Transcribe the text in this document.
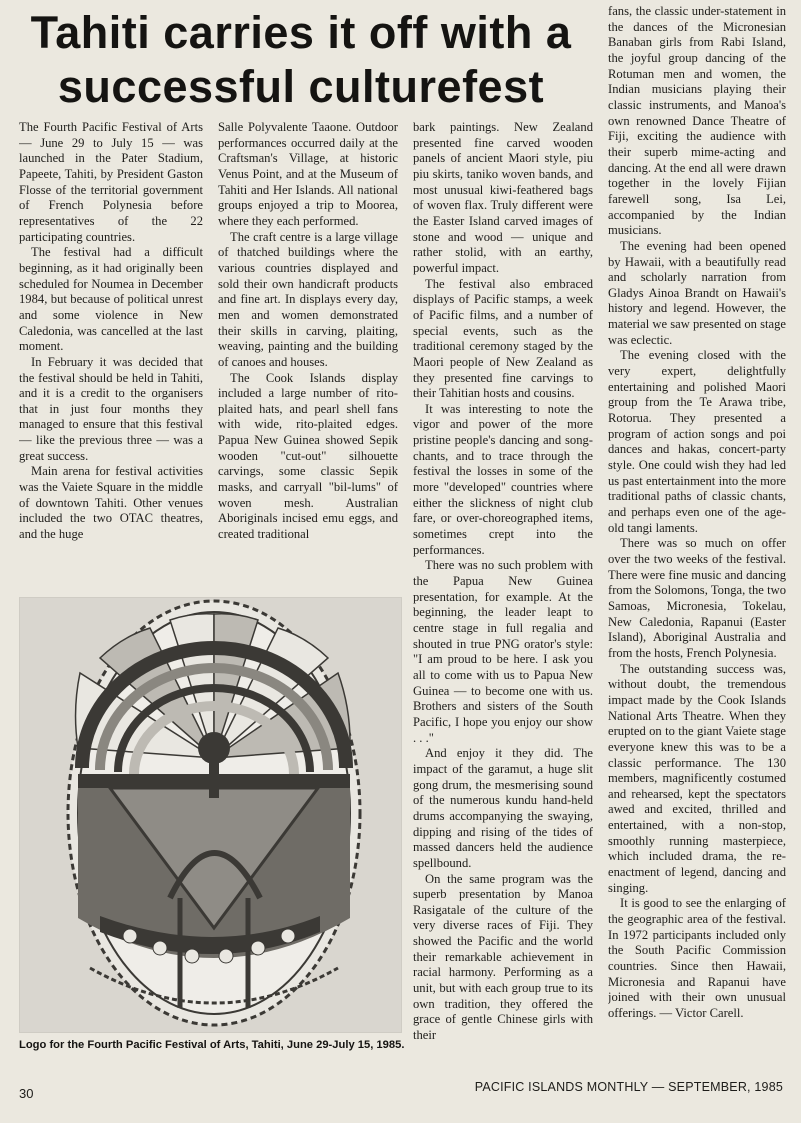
Tahiti carries it off with a
successful culturefest

The Fourth Pacific Festival of Arts — June 29 to July 15 — was launched in the Pater Stadium, Papeete, Tahiti, by President Gaston Flosse of the territorial government of French Polynesia before representatives of the 22 participating countries.

The festival had a difficult beginning, as it had originally been scheduled for Noumea in December 1984, but because of political unrest and some violence in New Caledonia, was cancelled at the last moment.

In February it was decided that the festival should be held in Tahiti, and it is a credit to the organisers that in just four months they managed to ensure that this festival — like the previous three — was a great success.

Main arena for festival activities was the Vaiete Square in the middle of downtown Tahiti. Other venues included the two OTAC theatres, and the huge

Salle Polyvalente Taaone. Outdoor performances occurred daily at the Craftsman's Village, at historic Venus Point, and at the Museum of Tahiti and Her Islands. All national groups enjoyed a trip to Moorea, where they each performed.

The craft centre is a large village of thatched buildings where the various countries displayed and sold their own handicraft products and fine art. In displays every day, men and women demonstrated their skills in carving, plaiting, weaving, painting and the building of canoes and houses.

The Cook Islands display included a large number of rito-plaited hats, and pearl shell fans with wide, rito-plaited edges. Papua New Guinea showed Sepik wooden "cut-out" silhouette carvings, some classic Sepik masks, and carryall "bil-lums" of woven mesh. Australian Aboriginals incised emu eggs, and created traditional

bark paintings. New Zealand presented fine carved wooden panels of ancient Maori style, piu piu skirts, taniko woven bands, and most unusual kiwi-feathered bags of woven flax. Truly different were the Easter Island carved images of stone and wood — unique and rather stolid, with an earthy, powerful impact.

The festival also embraced displays of Pacific stamps, a week of Pacific films, and a number of special events, such as the traditional ceremony staged by the Maori people of New Zealand as they presented fine carvings to their Tahitian hosts and cousins.

It was interesting to note the vigor and power of the more pristine people's dancing and song-chants, and to trace through the festival the losses in some of the more "developed" countries where either the slickness of night club fare, or over-choreographed items, sometimes crept into the performances.

There was no such problem with the Papua New Guinea presentation, for example. At the beginning, the leader leapt to centre stage in full regalia and shouted in true PNG orator's style: "I am proud to be here. I ask you all to come with us to Papua New Guinea — to become one with us. Brothers and sisters of the South Pacific, I hope you enjoy our show . . ."

And enjoy it they did. The impact of the garamut, a huge slit gong drum, the mesmerising sound of the numerous kundu hand-held drums accompanying the swaying, dipping and rising of the tides of massed dancers held the audience spellbound.

On the same program was the superb presentation by Manoa Rasigatale of the culture of the very diverse races of Fiji. They showed the Pacific and the world their remarkable achievement in racial harmony. Performing as a unit, but with each group true to its own tradition, they offered the grace of gentle Chinese girls with their

fans, the classic under-statement in the dances of the Micronesian Banaban girls from Rabi Island, the joyful group dancing of the Rotuman men and women, the Indian musicians playing their classic instruments, and Manoa's own renowned Dance Theatre of Fiji, exciting the audience with their superb mime-acting and dancing. At the end all were drawn together in the lovely Fijian farewell song, Isa Lei, accompanied by the Indian musicians.

The evening had been opened by Hawaii, with a beautifully read and scholarly narration from Gladys Ainoa Brandt on Hawaii's history and legend. However, the material we saw presented on stage was eclectic.

The evening closed with the very expert, delightfully entertaining and polished Maori group from the Te Arawa tribe, Rotorua. They presented a program of action songs and poi dances and hakas, concert-party style. One could wish they had led us past entertainment into the more traditional paths of classic chants, and perhaps even one of the age-old tangi laments.

There was so much on offer over the two weeks of the festival. There were fine music and dancing from the Solomons, Tonga, the two Samoas, Micronesia, Tokelau, New Caledonia, Rapanui (Easter Island), Aboriginal Australia and from the hosts, French Polynesia.

The outstanding success was, without doubt, the tremendous impact made by the Cook Islands National Arts Theatre. When they erupted on to the giant Vaiete stage everyone knew this was to be a classic performance. The 130 members, magnificently costumed and rehearsed, kept the spectators awed and excited, thrilled and entertained, with a non-stop, smoothly running masterpiece, which included drama, the re-enactment of legend, dancing and singing.

It is good to see the enlarging of the geographic area of the festival. In 1972 participants included only the South Pacific Commission countries. Since then Hawaii, Micronesia and Rapanui have joined with their own unusual offerings. — Victor Carell.

Logo for the Fourth Pacific Festival of Arts, Tahiti, June 29-July 15, 1985.
30	PACIFIC ISLANDS MONTHLY — SEPTEMBER, 1985
